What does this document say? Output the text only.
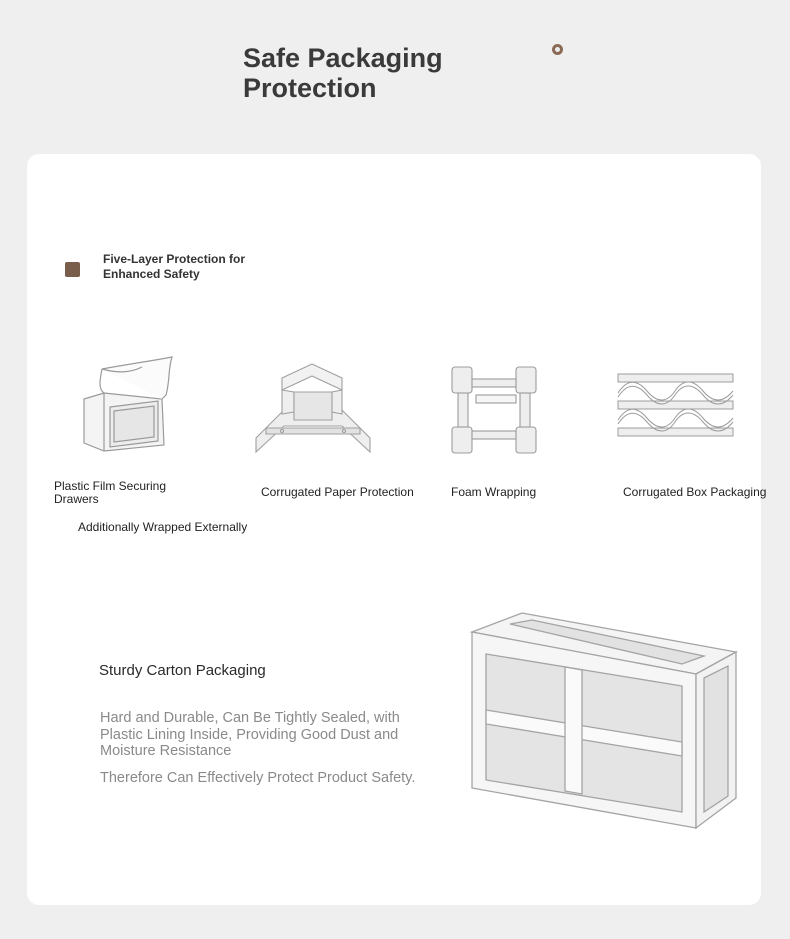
Safe Packaging Protection
Five-Layer Protection for Enhanced Safety
Plastic Film Securing Drawers	Corrugated Paper Protection	Foam Wrapping	Corrugated Box Packaging
Additionally Wrapped Externally
Sturdy Carton Packaging
Hard and Durable, Can Be Tightly Sealed, with Plastic Lining Inside, Providing Good Dust and Moisture Resistance
Therefore Can Effectively Protect Product Safety.
